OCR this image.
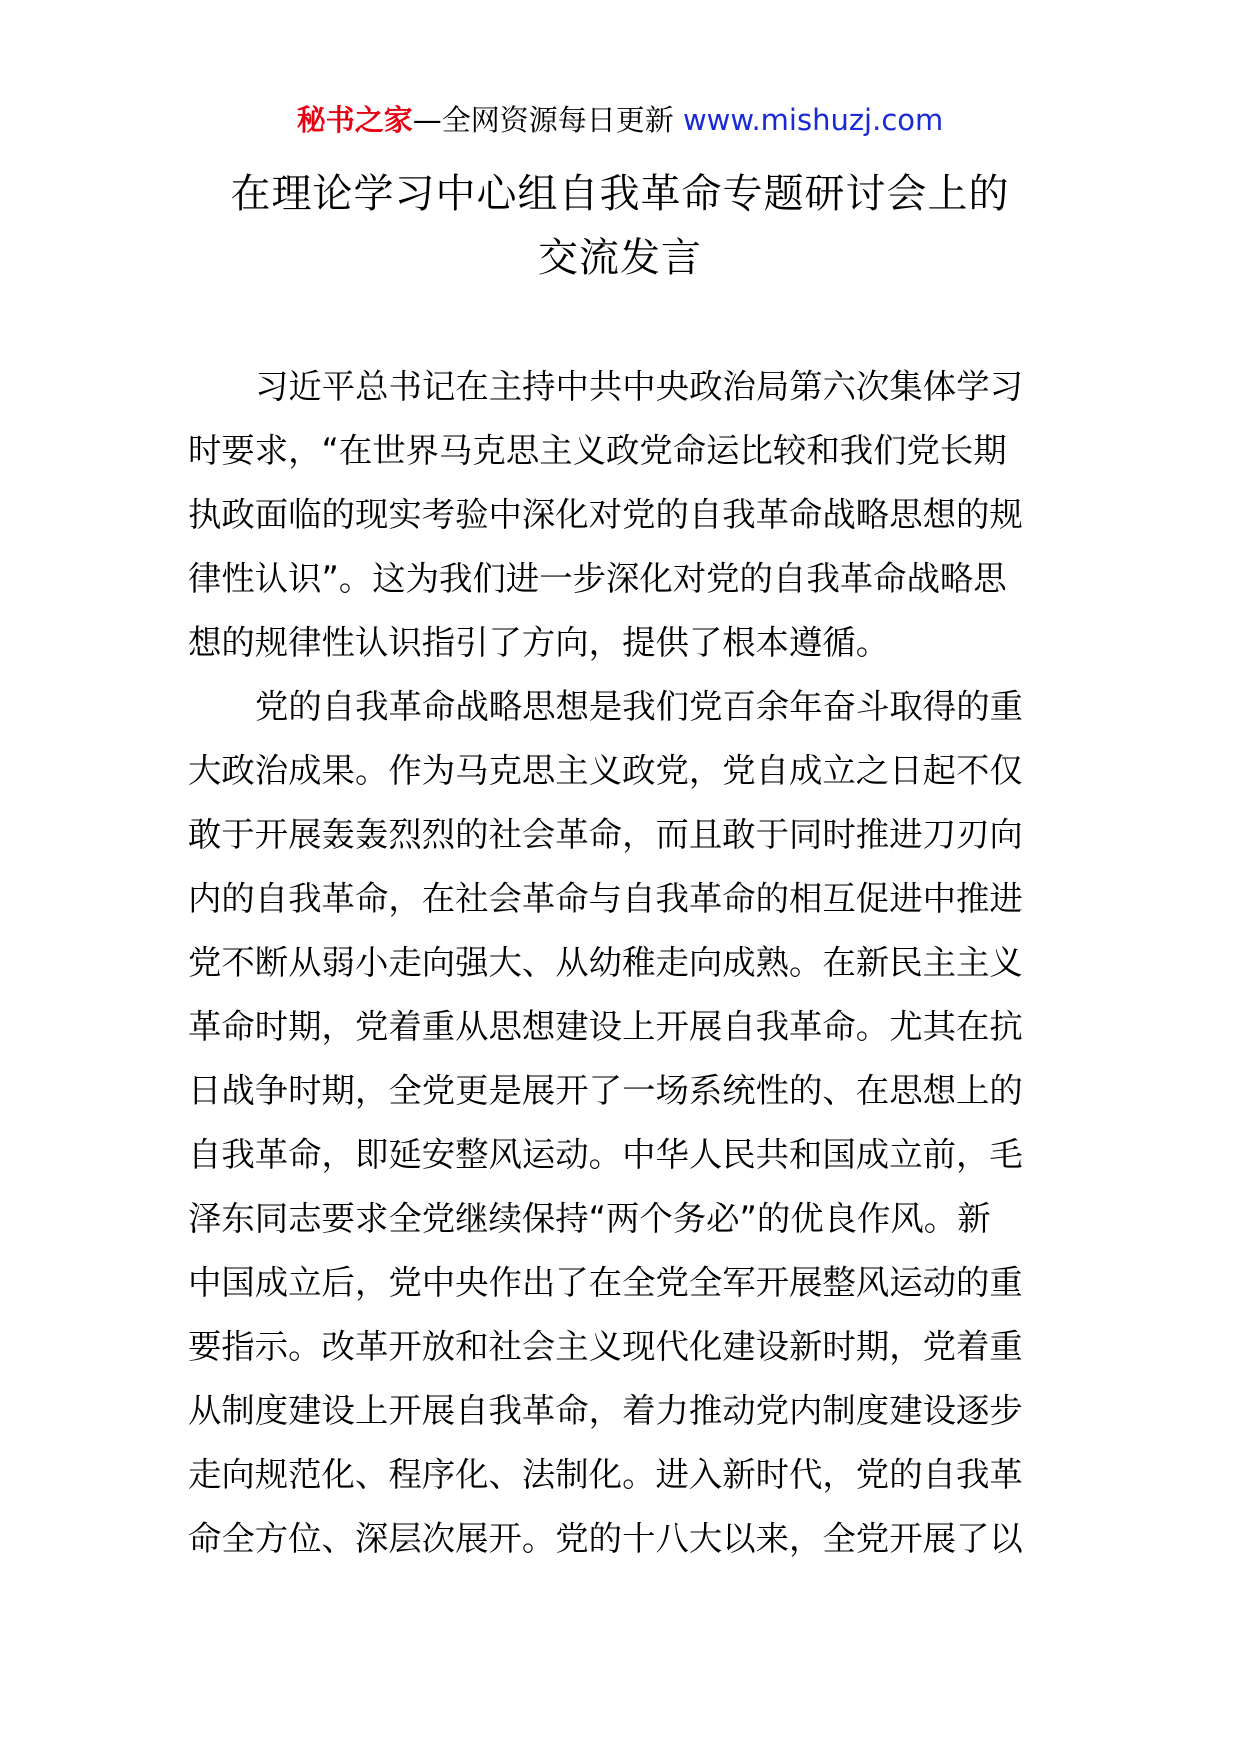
秘书之家—全网资源每日更新 www.mishuzj.com
在理论学习中心组自我革命专题研讨会上的
交流发言
习近平总书记在主持中共中央政治局第六次集体学习
时要求，“在世界马克思主义政党命运比较和我们党长期
执政面临的现实考验中深化对党的自我革命战略思想的规
律性认识”。这为我们进一步深化对党的自我革命战略思
想的规律性认识指引了方向，提供了根本遵循。
党的自我革命战略思想是我们党百余年奋斗取得的重
大政治成果。作为马克思主义政党，党自成立之日起不仅
敢于开展轰轰烈烈的社会革命，而且敢于同时推进刀刃向
内的自我革命，在社会革命与自我革命的相互促进中推进
党不断从弱小走向强大、从幼稚走向成熟。在新民主主义
革命时期，党着重从思想建设上开展自我革命。尤其在抗
日战争时期，全党更是展开了一场系统性的、在思想上的
自我革命，即延安整风运动。中华人民共和国成立前，毛
泽东同志要求全党继续保持“两个务必”的优良作风。新
中国成立后，党中央作出了在全党全军开展整风运动的重
要指示。改革开放和社会主义现代化建设新时期，党着重
从制度建设上开展自我革命，着力推动党内制度建设逐步
走向规范化、程序化、法制化。进入新时代，党的自我革
命全方位、深层次展开。党的十八大以来，全党开展了以
